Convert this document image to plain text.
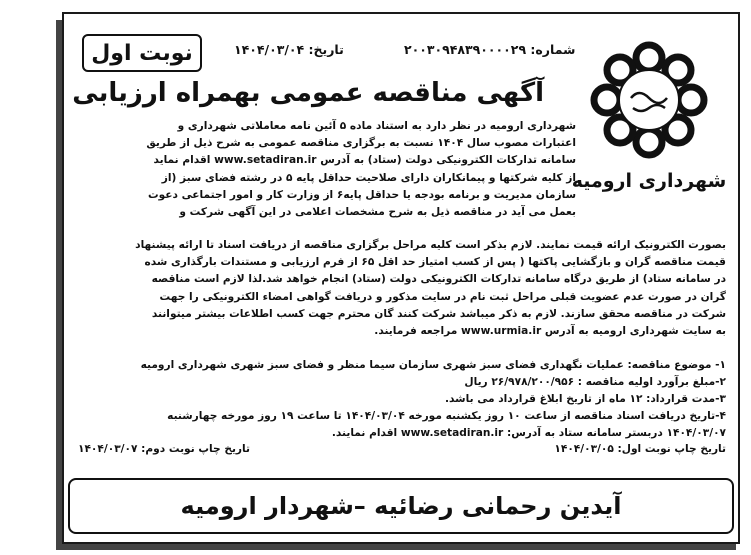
نوبت اول	تاریخ: ۱۴۰۴/۰۳/۰۴	شماره: ۲۰۰۳۰۹۴۸۳۹۰۰۰۰۲۹
شهرداری ارومیه
آگهی مناقصه عمومی بهمراه ارزیابی
شهرداری ارومیه در نظر دارد به استناد ماده ۵ آئین نامه معاملاتی شهرداری و
اعتبارات مصوب سال ۱۴۰۴ نسبت به برگزاری مناقصه عمومی به شرح ذیل از طریق
سامانه تدارکات الکترونیکی دولت (ستاد) به آدرس www.setadiran.ir اقدام نماید
از کلیه شرکتها و پیمانکاران دارای صلاحیت حداقل پایه ۵ در رشته فضای سبز (از
سازمان مدیریت و برنامه بودجه یا حداقل پایه۶ از وزارت کار و امور اجتماعی دعوت
بعمل می آید در مناقصه ذیل به شرح مشخصات اعلامی در این آگهی شرکت و
بصورت الکترونیک ارائه قیمت نمایند. لازم بذکر است کلیه مراحل برگزاری مناقصه از دریافت اسناد تا ارائه پیشنهاد
قیمت مناقصه گران و بازگشایی پاکتها ( پس از کسب امتیاز حد اقل ۶۵ از فرم ارزیابی و مستندات بارگذاری شده
در سامانه ستاد) از طریق درگاه سامانه تدارکات الکترونیکی دولت (ستاد) انجام خواهد شد.لذا لازم است مناقصه
گران در صورت عدم عضویت قبلی مراحل ثبت نام در سایت مذکور و دریافت گواهی امضاء الکترونیکی را جهت
شرکت در مناقصه محقق سازند. لازم به ذکر میباشد شرکت کنند گان محترم جهت کسب اطلاعات بیشتر میتوانند
به سایت شهرداری ارومیه به آدرس www.urmia.ir مراجعه فرمایند.
۱- موضوع مناقصه: عملیات نگهداری فضای سبز شهری سازمان سیما منظر و فضای سبز شهری شهرداری ارومیه
۲-مبلغ برآورد اولیه مناقصه : ۲۶/۹۷۸/۲۰۰/۹۵۶ ریال
۳-مدت قرارداد: ۱۲ ماه از تاریخ ابلاغ قرارداد می باشد.
۴-تاریخ دریافت اسناد مناقصه از ساعت ۱۰ روز یکشنبه مورخه ۱۴۰۴/۰۳/۰۴ تا ساعت ۱۹ روز مورخه چهارشنبه
۱۴۰۴/۰۳/۰۷ دربستر سامانه ستاد به آدرس: www.setadiran.ir اقدام نمایند.
تاریخ چاپ نوبت اول: ۱۴۰۴/۰۳/۰۵
تاریخ چاپ نوبت دوم: ۱۴۰۴/۰۳/۰۷
آیدین رحمانی رضائیه –شهردار ارومیه
